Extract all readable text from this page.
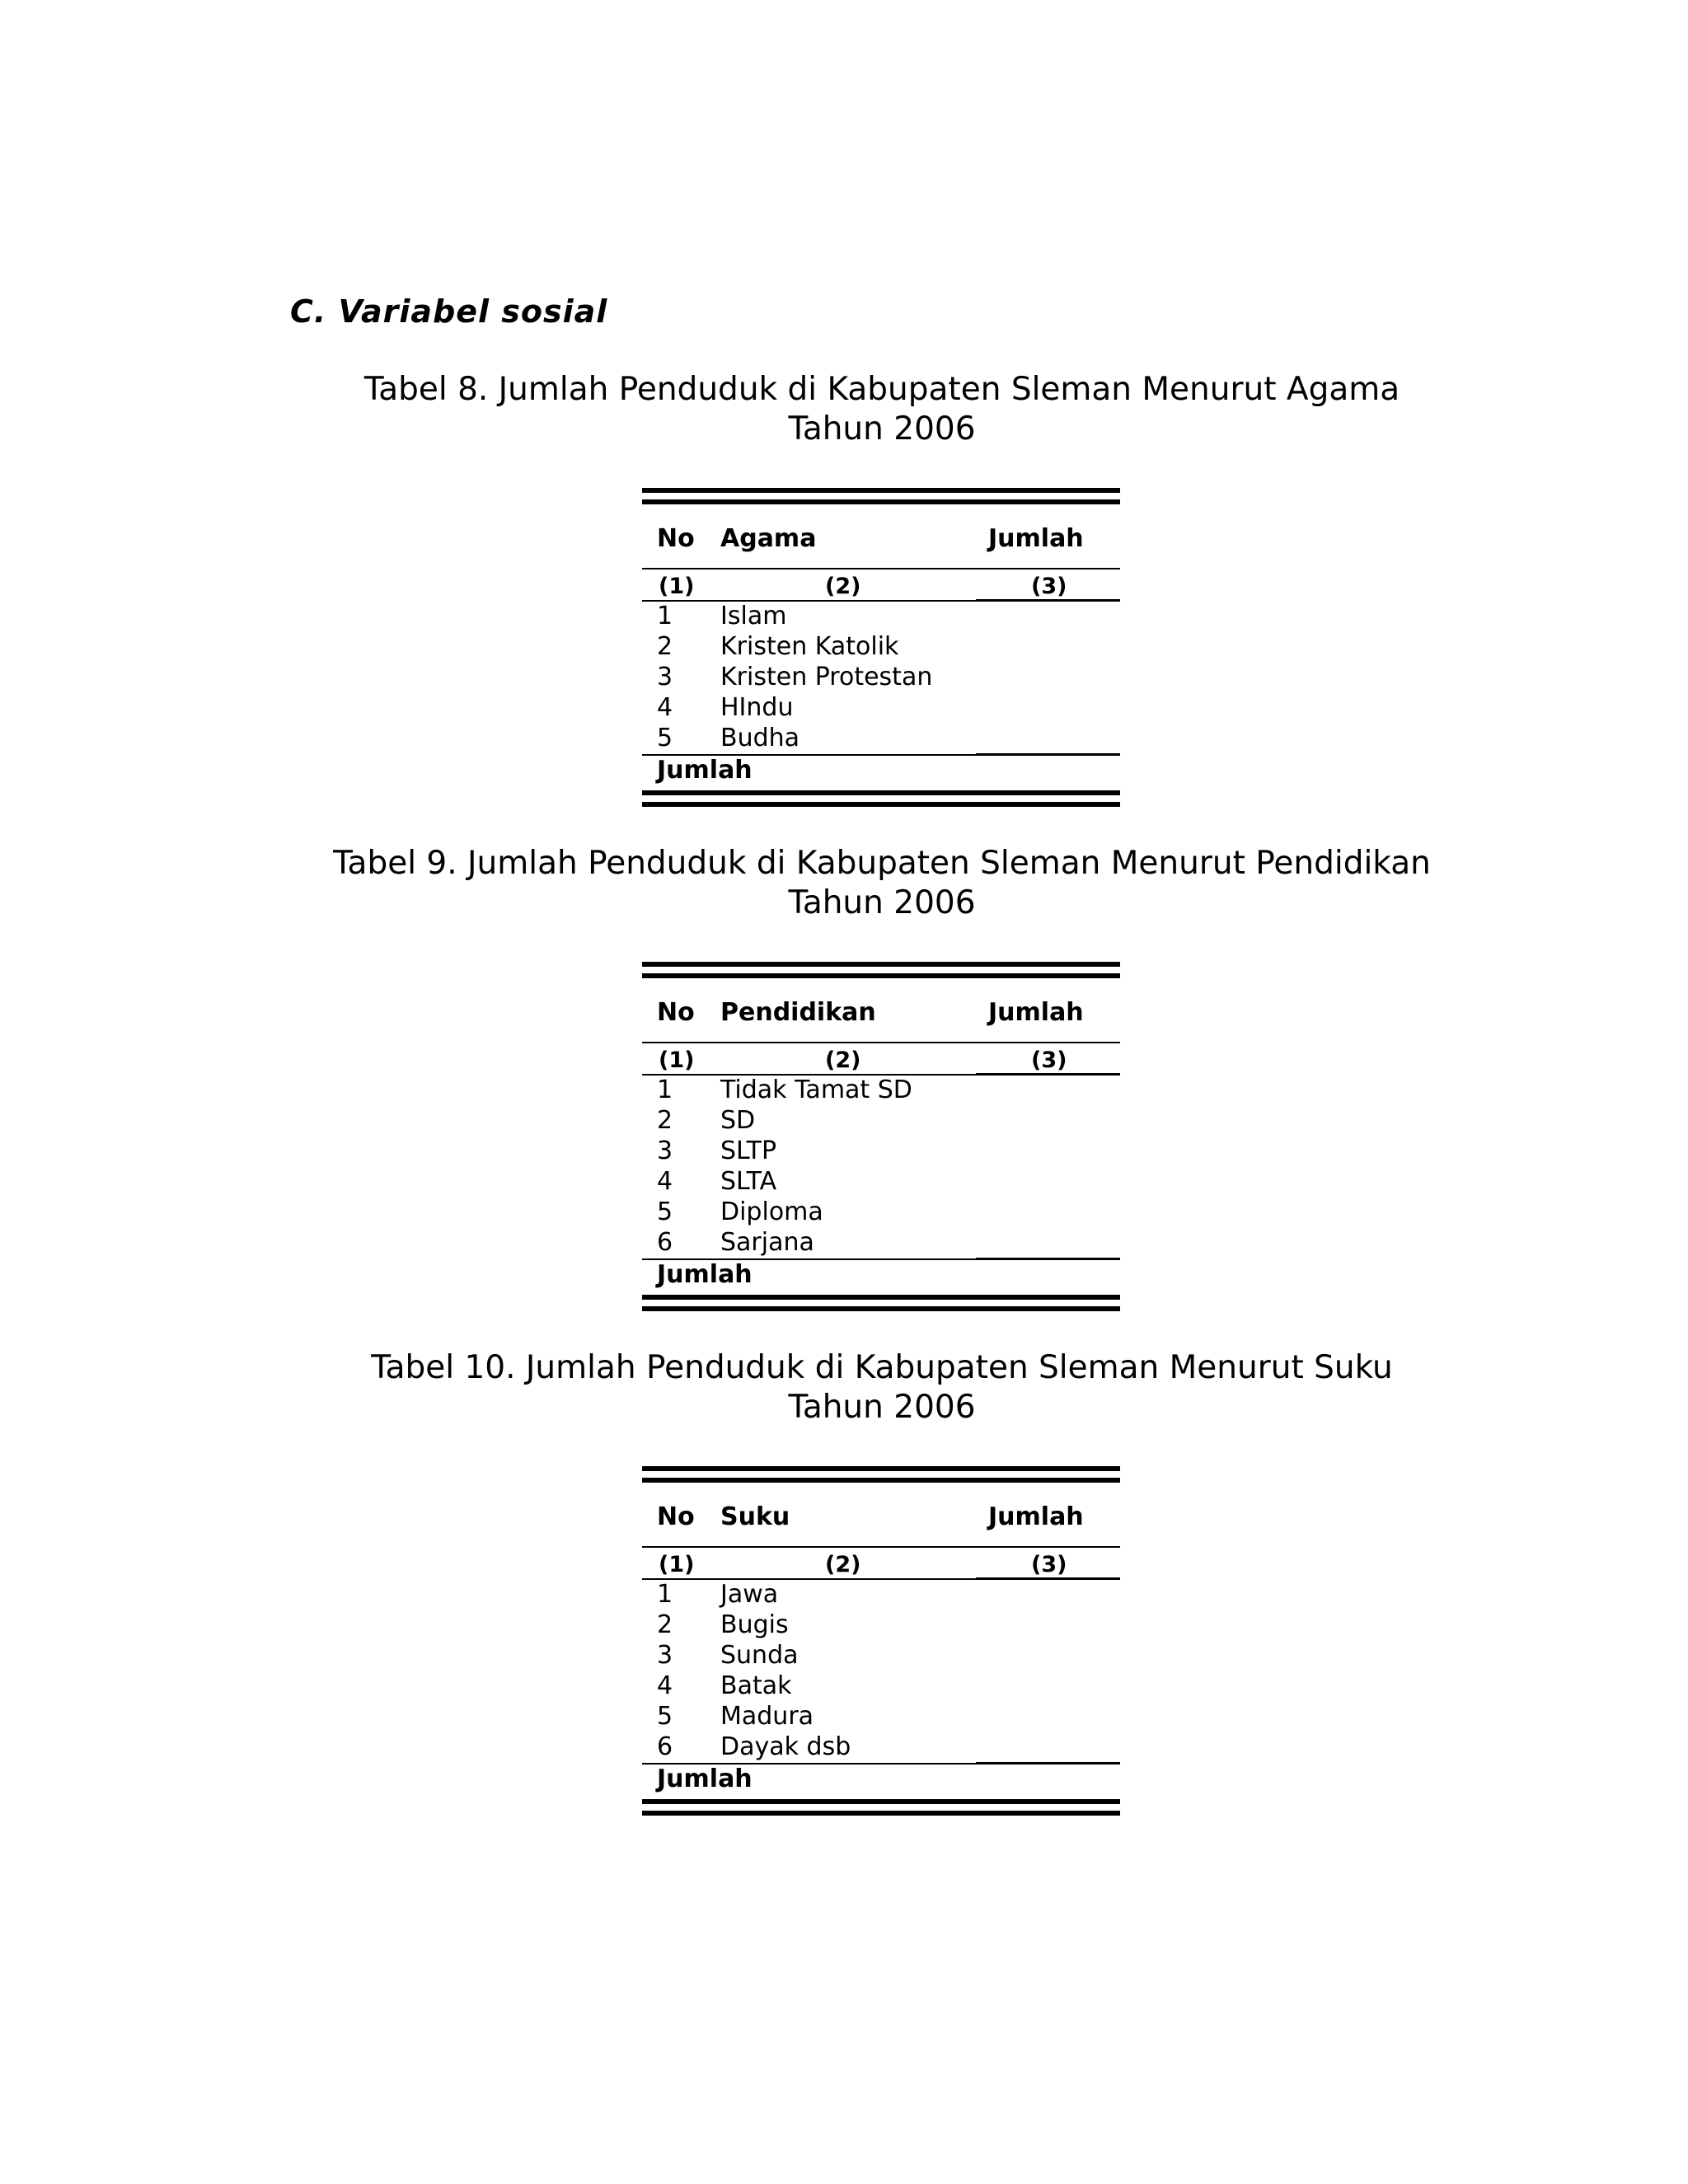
C. Variabel sosial
Tabel 8. Jumlah Penduduk di Kabupaten Sleman Menurut Agama
Tahun 2006
No Agama	Jumlah
(1)	(2)	(3)
1 Islam
2 Kristen Katolik
3 Kristen Protestan
4 HIndu
5 Budha
Jumlah
Tabel 9. Jumlah Penduduk di Kabupaten Sleman Menurut Pendidikan
Tahun 2006
No Pendidikan	Jumlah
(1)	(2)	(3)
1 Tidak Tamat SD
2 SD
3 SLTP
4 SLTA
5 Diploma
6 Sarjana
Jumlah
Tabel 10. Jumlah Penduduk di Kabupaten Sleman Menurut Suku
Tahun 2006
No Suku	Jumlah
(1)	(2)	(3)
1 Jawa
2 Bugis
3 Sunda
4 Batak
5 Madura
6 Dayak dsb
Jumlah
